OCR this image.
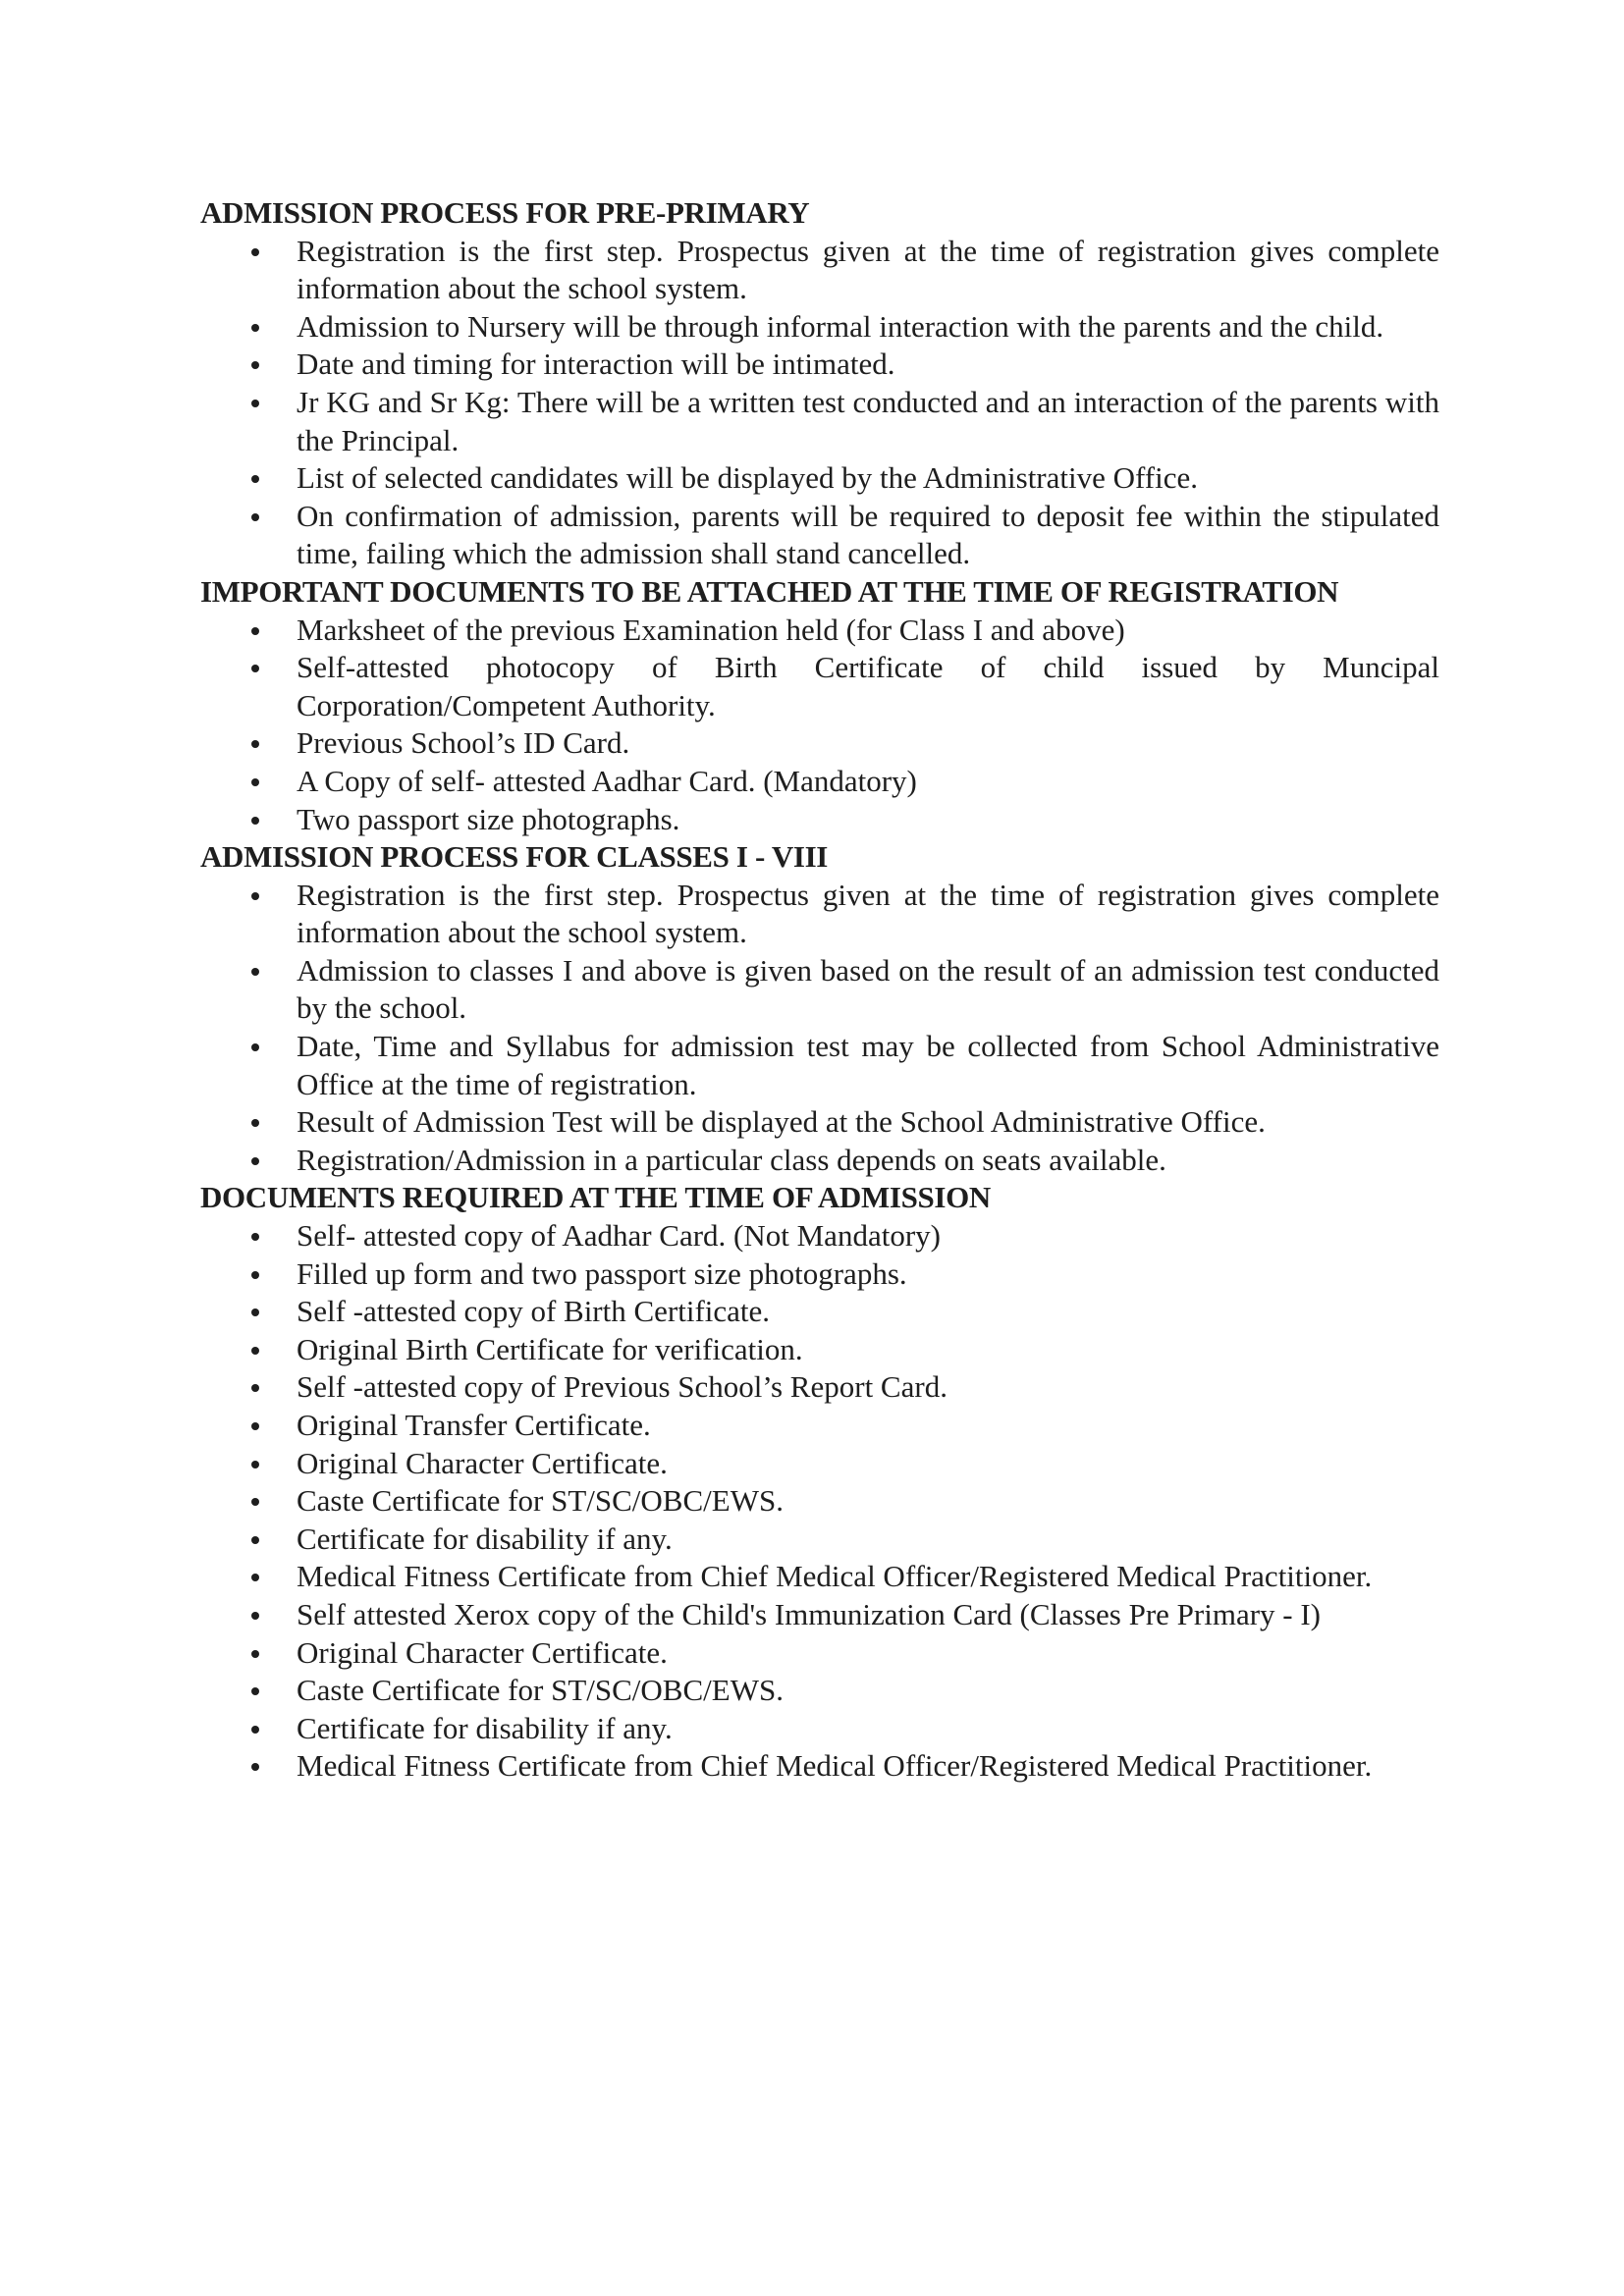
ADMISSION PROCESS FOR PRE-PRIMARY
Registration is the first step. Prospectus given at the time of registration gives complete information about the school system.
Admission to Nursery will be through informal interaction with the parents and the child.
Date and timing for interaction will be intimated.
Jr KG and Sr Kg: There will be a written test conducted and an interaction of the parents with the Principal.
List of selected candidates will be displayed by the Administrative Office.
On confirmation of admission, parents will be required to deposit fee within the stipulated time, failing which the admission shall stand cancelled.
IMPORTANT DOCUMENTS TO BE ATTACHED AT THE TIME OF REGISTRATION
Marksheet of the previous Examination held (for Class I and above)
Self-attested photocopy of Birth Certificate of child issued by Muncipal Corporation/Competent Authority.
Previous School’s ID Card.
A Copy of self- attested Aadhar Card. (Mandatory)
Two passport size photographs.
ADMISSION PROCESS FOR CLASSES I - VIII
Registration is the first step. Prospectus given at the time of registration gives complete information about the school system.
Admission to classes I and above is given based on the result of an admission test conducted by the school.
Date, Time and Syllabus for admission test may be collected from School Administrative Office at the time of registration.
Result of Admission Test will be displayed at the School Administrative Office.
Registration/Admission in a particular class depends on seats available.
DOCUMENTS REQUIRED AT THE TIME OF ADMISSION
Self- attested copy of Aadhar Card. (Not Mandatory)
Filled up form and two passport size photographs.
Self -attested copy of Birth Certificate.
Original Birth Certificate for verification.
Self -attested copy of Previous School’s Report Card.
Original Transfer Certificate.
Original Character Certificate.
Caste Certificate for ST/SC/OBC/EWS.
Certificate for disability if any.
Medical Fitness Certificate from Chief Medical Officer/Registered Medical Practitioner.
Self attested Xerox copy of the Child's Immunization Card (Classes Pre Primary - I)
Original Character Certificate.
Caste Certificate for ST/SC/OBC/EWS.
Certificate for disability if any.
Medical Fitness Certificate from Chief Medical Officer/Registered Medical Practitioner.
